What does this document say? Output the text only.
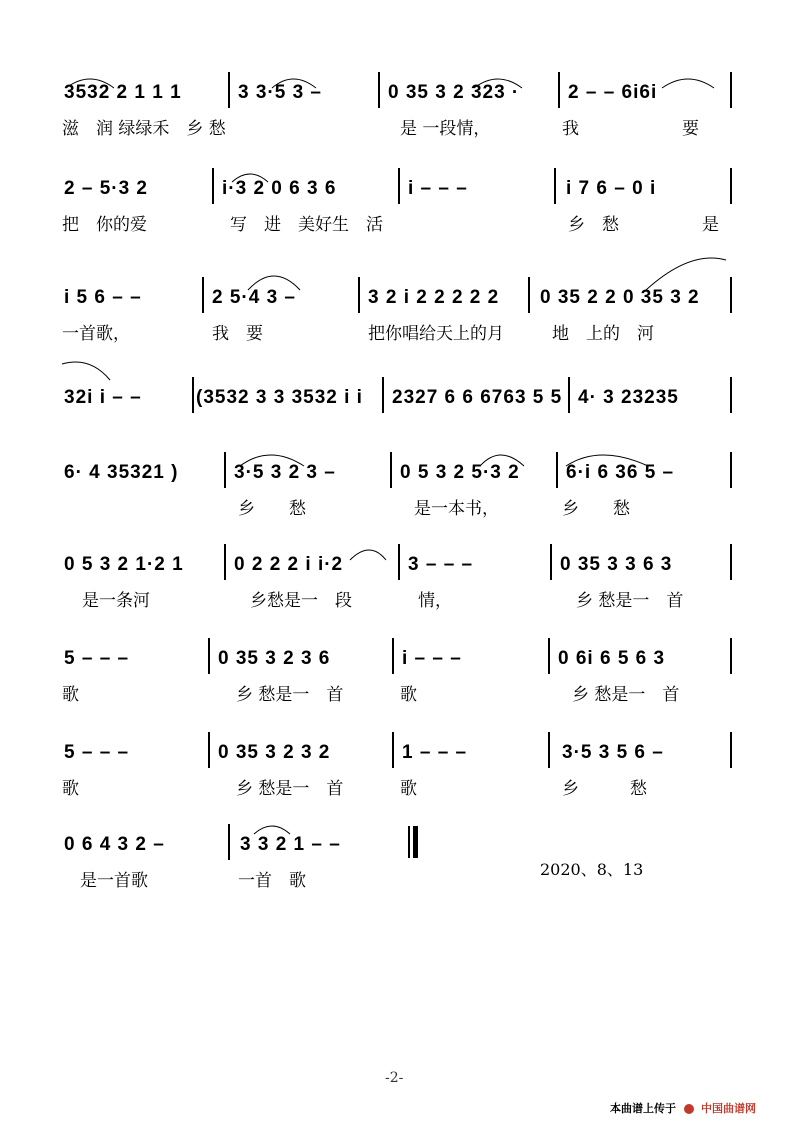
3532 2 1 1 1	3 3·5 3 –	0 35 3 2 323 ·	2 – – 6i6i
滋　润 绿绿禾　乡 愁	是 一段情，	我	要
2 – 5·3 2	i·3 2 0 6 3 6	i – – –	i 7 6 – 0 i
把　你的爱	写　进　美好生　活	乡　愁	是
i 5 6 – –	2 5·4 3 –	3 2 i 2 2 2 2 2 0 35 2 2 0 35 3 2
一首歌，	我　要	把你唱给天上的月	地　上的　河
32i i – –	(3532 3 3 3532 i i 2327 6 6 6763 5 5 4· 3 23235
6· 4 35321 )	3·5 3 2 3 –	0 5 3 2 5·3 2 6·i 6 36 5 –
乡　　愁	是一本书，	乡　　愁
0 5 3 2 1·2 1	0 2 2 2 i i·2	3 – – –	0 35 3 3 6 3
是一条河	乡愁是一　段	情，	乡 愁是一　首
5 – – –	0 35 3 2 3 6	i – – –	0 6i 6 5 6 3
歌	乡 愁是一　首	歌	乡 愁是一　首
5 – – –	0 35 3 2 3 2	1 – – –	3·5 3 5 6 –
歌	乡 愁是一　首	歌	乡　　　愁
0 6 4 3 2 –	3 3 2 1 – –
是一首歌	一首　歌
2020、8、13
-2-
本曲谱上传于 中国曲谱网
